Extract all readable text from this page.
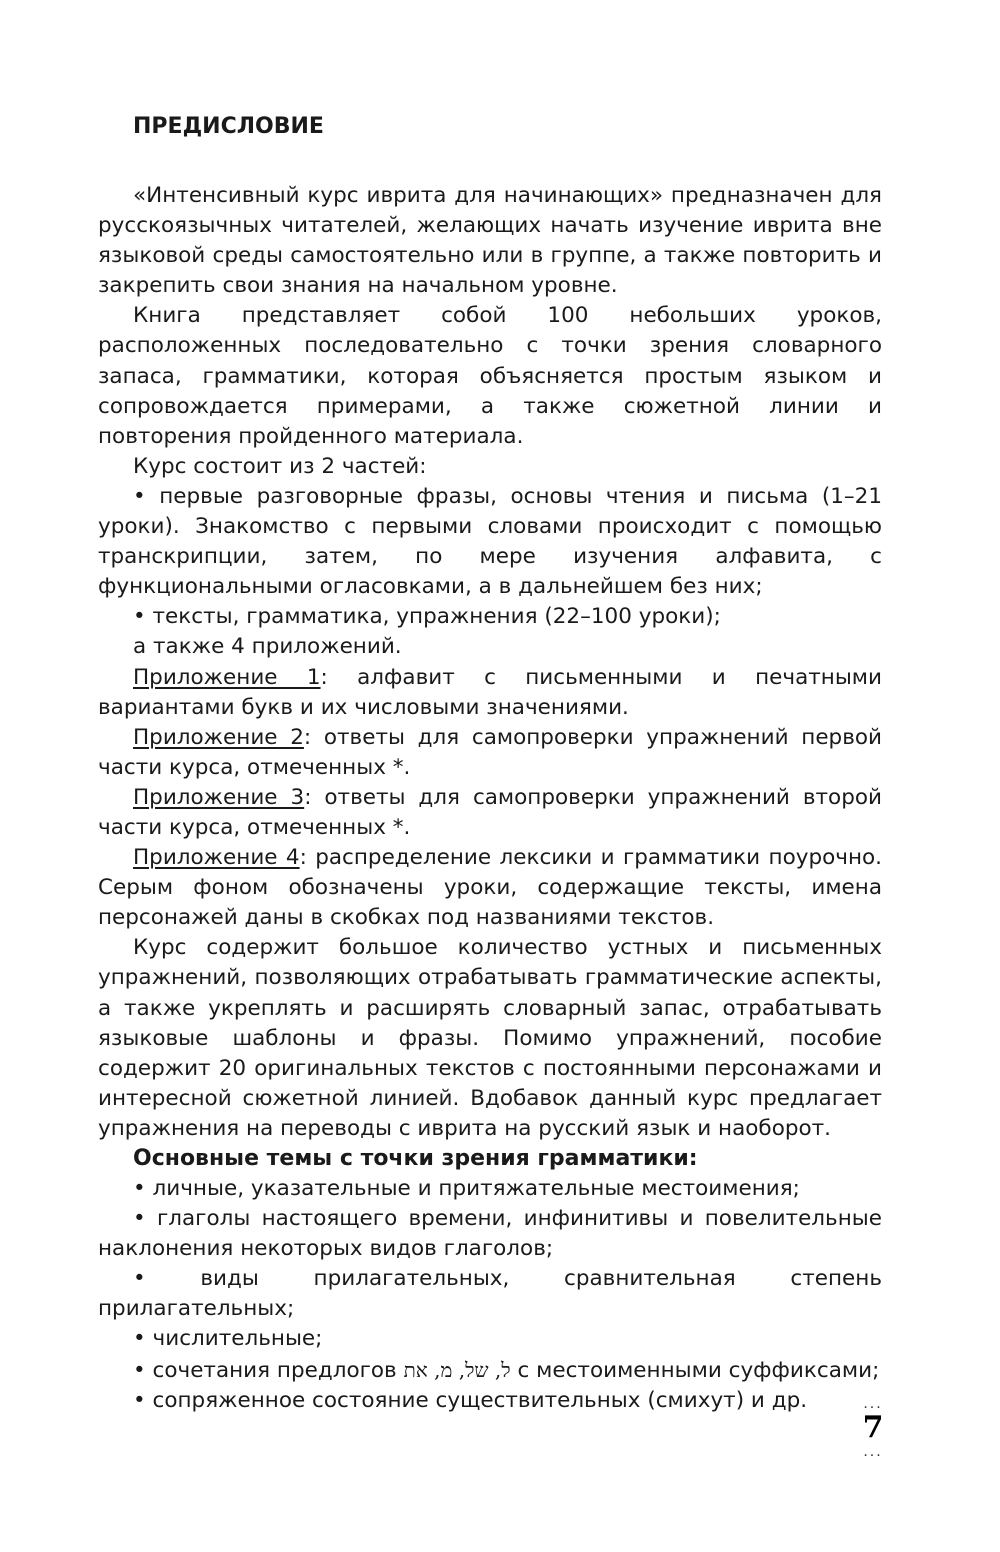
ПРЕДИСЛОВИЕ

«Интенсивный курс иврита для начинающих» предназначен для русскоязычных читателей, желающих начать изучение иврита вне языковой среды самостоятельно или в группе, а также повторить и закрепить свои знания на начальном уровне.

Книга представляет собой 100 небольших уроков, расположенных последовательно с точки зрения словарного запаса, грамматики, которая объясняется простым языком и сопровождается примерами, а также сюжетной линии и повторения пройденного материала.

Курс состоит из 2 частей:

• первые разговорные фразы, основы чтения и письма (1–21 уроки). Знакомство с первыми словами происходит с помощью транскрипции, затем, по мере изучения алфавита, с функциональными огласовками, а в дальнейшем без них;

• тексты, грамматика, упражнения (22–100 уроки);

а также 4 приложений.

Приложение 1: алфавит с письменными и печатными вариантами букв и их числовыми значениями.

Приложение 2: ответы для самопроверки упражнений первой части курса, отмеченных *.

Приложение 3: ответы для самопроверки упражнений второй части курса, отмеченных *.

Приложение 4: распределение лексики и грамматики поурочно. Серым фоном обозначены уроки, содержащие тексты, имена персонажей даны в скобках под названиями текстов.

Курс содержит большое количество устных и письменных упражнений, позволяющих отрабатывать грамматические аспекты, а также укреплять и расширять словарный запас, отрабатывать языковые шаблоны и фразы. Помимо упражнений, пособие содержит 20 оригинальных текстов с постоянными персонажами и интересной сюжетной линией. Вдобавок данный курс предлагает упражнения на переводы с иврита на русский язык и наоборот.

Основные темы с точки зрения грамматики:

• личные, указательные и притяжательные местоимения;

• глаголы настоящего времени, инфинитивы и повелительные наклонения некоторых видов глаголов;

• виды прилагательных, сравнительная степень прилагательных;

• числительные;

• сочетания предлогов ל, של, מ, את с местоименными суффиксами;

• сопряженное состояние существительных (смихут) и др.	...
7
...
